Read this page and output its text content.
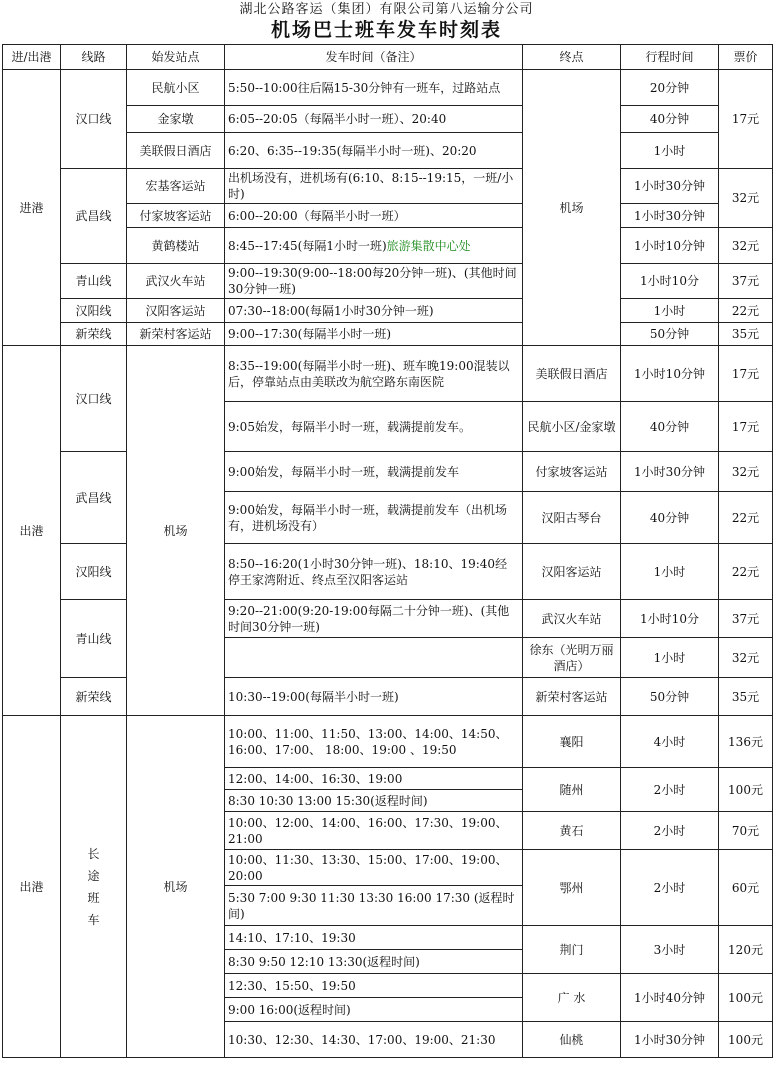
湖北公路客运（集团）有限公司第八运输分公司
机场巴士班车发车时刻表
进/出港	线路	始发站点	发车时间（备注）	终点	行程时间	票价
进港	汉口线	民航小区	5:50--10:00往后隔15-30分钟有一班车，过路站点	机场	20分钟	17元
		金家墩	6:05--20:05（每隔半小时一班）、20:40		40分钟	
		美联假日酒店	6:20、6:35--19:35(每隔半小时一班)、20:20		1小时	
	武昌线	宏基客运站	出机场没有，进机场有(6:10、8:15--19:15，一班/小时)		1小时30分钟	32元
		付家坡客运站	6:00--20:00（每隔半小时一班）		1小时30分钟	
		黄鹤楼站	8:45--17:45(每隔1小时一班)旅游集散中心处		1小时10分钟	32元
	青山线	武汉火车站	9:00--19:30(9:00--18:00每20分钟一班)、(其他时间30分钟一班)		1小时10分	37元
	汉阳线	汉阳客运站	07:30--18:00(每隔1小时30分钟一班)		1小时	22元
	新荣线	新荣村客运站	9:00--17:30(每隔半小时一班)		50分钟	35元
出港	汉口线	机场	8:35--19:00(每隔半小时一班)、班车晚19:00混装以后，停靠站点由美联改为航空路东南医院	美联假日酒店	1小时10分钟	17元
			9:05始发，每隔半小时一班，载满提前发车。	民航小区/金家墩	40分钟	17元
	武昌线		9:00始发，每隔半小时一班，载满提前发车	付家坡客运站	1小时30分钟	32元
			9:00始发，每隔半小时一班，载满提前发车（出机场有，进机场没有）	汉阳古琴台	40分钟	22元
	汉阳线		8:50--16:20(1小时30分钟一班)、18:10、19:40经停王家湾附近、终点至汉阳客运站	汉阳客运站	1小时	22元
	青山线		9:20--21:00(9:20-19:00每隔二十分钟一班)、(其他时间30分钟一班)	武汉火车站	1小时10分	37元
				徐东（光明万丽酒店）	1小时	32元
	新荣线		10:30--19:00(每隔半小时一班)	新荣村客运站	50分钟	35元
出港	长途班车	机场	10:00、11:00、11:50、13:00、14:00、14:50、16:00、17:00、 18:00、19:00 、19:50	襄阳	4小时	136元
			12:00、14:00、16:30、19:00	随州	2小时	100元
			8:30 10:30 13:00 15:30(返程时间)			
			10:00、12:00、14:00、16:00、17:30、19:00、21:00	黄石	2小时	70元
			10:00、11:30、13:30、15:00、17:00、19:00、20:00	鄂州	2小时	60元
			5:30 7:00 9:30 11:30 13:30 16:00 17:30 (返程时间)			
			14:10、17:10、19:30	荆门	3小时	120元
			8:30 9:50 12:10 13:30(返程时间)			
			12:30、15:50、19:50	广 水	1小时40分钟	100元
			9:00 16:00(返程时间)			
			10:30、12:30、14:30、17:00、19:00、21:30	仙桃	1小时30分钟	100元
